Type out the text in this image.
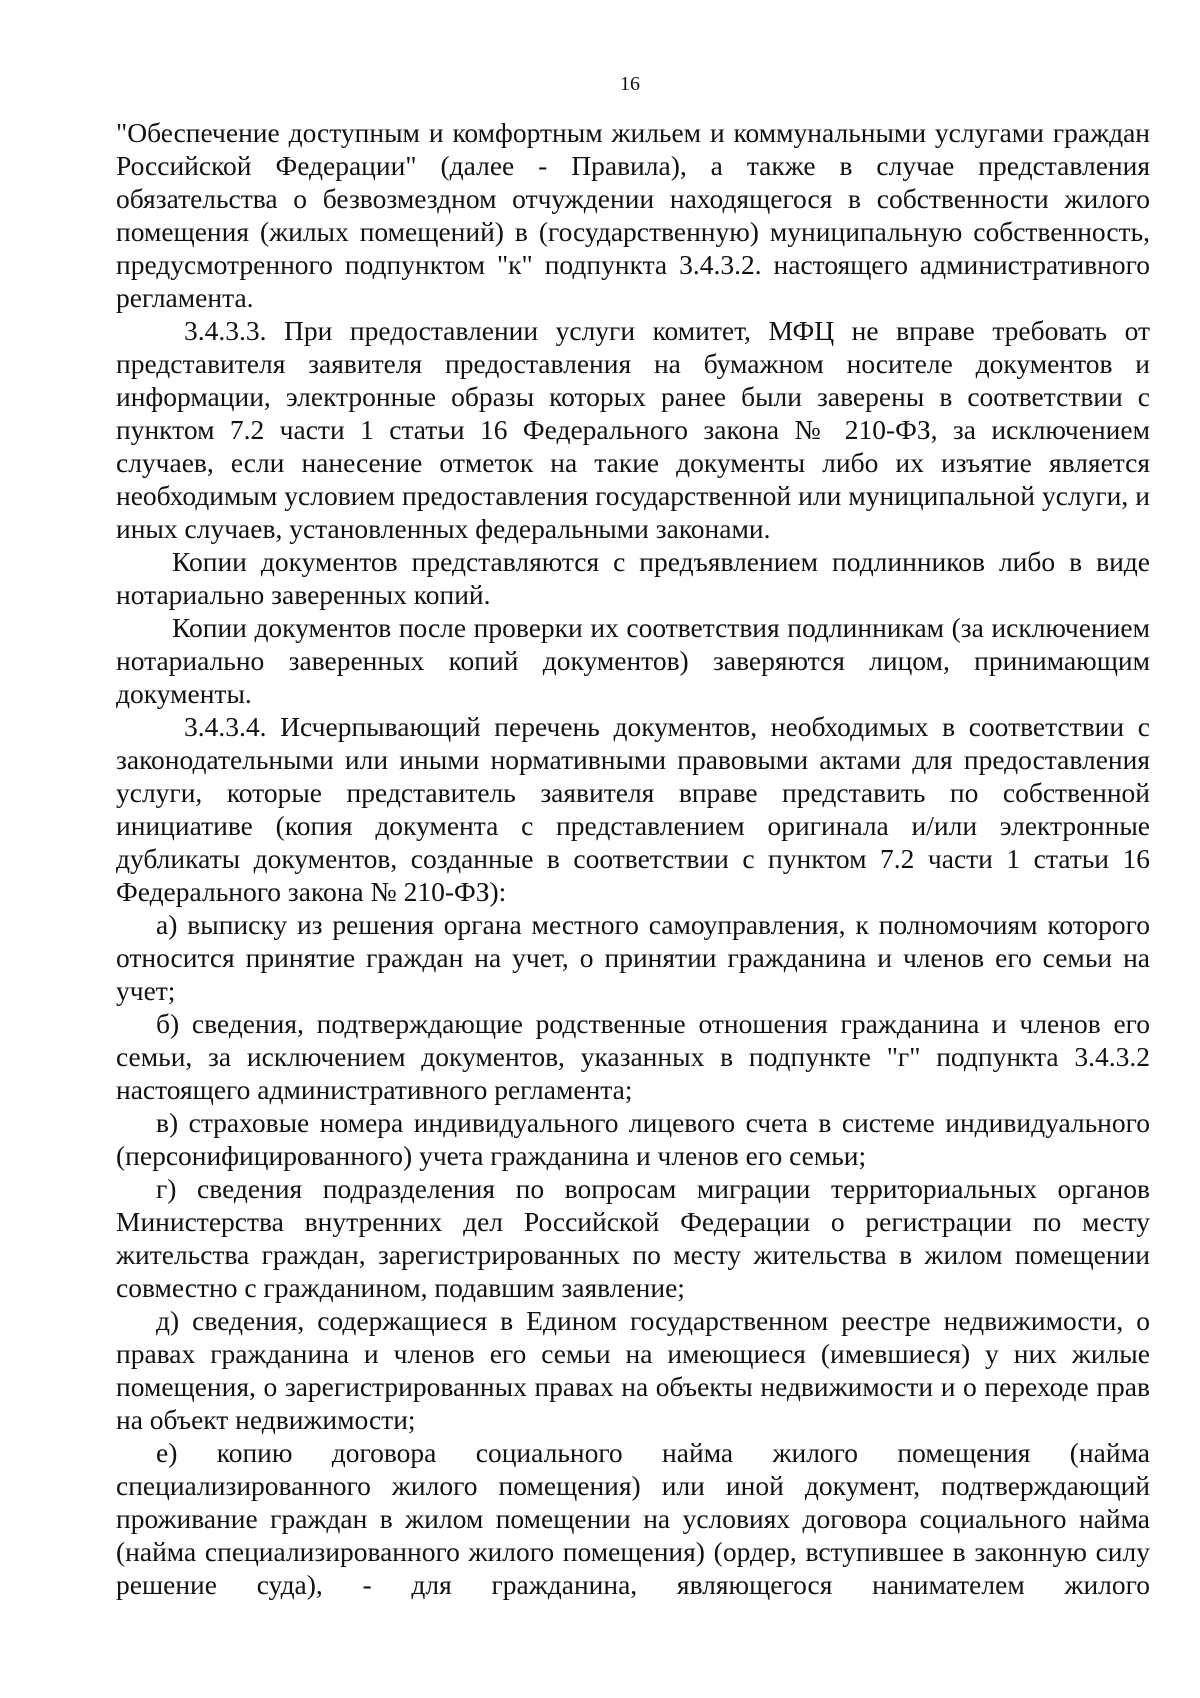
16

"Обеспечение доступным и комфортным жильем и коммунальными услугами граждан Российской Федерации" (далее - Правила), а также в случае представления обязательства о безвозмездном отчуждении находящегося в собственности жилого помещения (жилых помещений) в (государственную) муниципальную собственность, предусмотренного подпунктом "к" подпункта 3.4.3.2. настоящего административного регламента.

3.4.3.3. При предоставлении услуги комитет, МФЦ не вправе требовать от представителя заявителя предоставления на бумажном носителе документов и информации, электронные образы которых ранее были заверены в соответствии с пунктом 7.2 части 1 статьи 16 Федерального закона № 210-ФЗ, за исключением случаев, если нанесение отметок на такие документы либо их изъятие является необходимым условием предоставления государственной или муниципальной услуги, и иных случаев, установленных федеральными законами.

Копии документов представляются с предъявлением подлинников либо в виде нотариально заверенных копий.

Копии документов после проверки их соответствия подлинникам (за исключением нотариально заверенных копий документов) заверяются лицом, принимающим документы.

3.4.3.4. Исчерпывающий перечень документов, необходимых в соответствии с законодательными или иными нормативными правовыми актами для предоставления услуги, которые представитель заявителя вправе представить по собственной инициативе (копия документа с представлением оригинала и/или электронные дубликаты документов, созданные в соответствии с пунктом 7.2 части 1 статьи 16 Федерального закона № 210-ФЗ):

а) выписку из решения органа местного самоуправления, к полномочиям которого относится принятие граждан на учет, о принятии гражданина и членов его семьи на учет;

б) сведения, подтверждающие родственные отношения гражданина и членов его семьи, за исключением документов, указанных в подпункте "г" подпункта 3.4.3.2 настоящего административного регламента;

в) страховые номера индивидуального лицевого счета в системе индивидуального (персонифицированного) учета гражданина и членов его семьи;

г) сведения подразделения по вопросам миграции территориальных органов Министерства внутренних дел Российской Федерации о регистрации по месту жительства граждан, зарегистрированных по месту жительства в жилом помещении совместно с гражданином, подавшим заявление;

д) сведения, содержащиеся в Едином государственном реестре недвижимости, о правах гражданина и членов его семьи на имеющиеся (имевшиеся) у них жилые помещения, о зарегистрированных правах на объекты недвижимости и о переходе прав на объект недвижимости;

е) копию договора социального найма жилого помещения (найма специализированного жилого помещения) или иной документ, подтверждающий проживание граждан в жилом помещении на условиях договора социального найма (найма специализированного жилого помещения) (ордер, вступившее в законную силу решение суда), - для гражданина, являющегося нанимателем жилого
